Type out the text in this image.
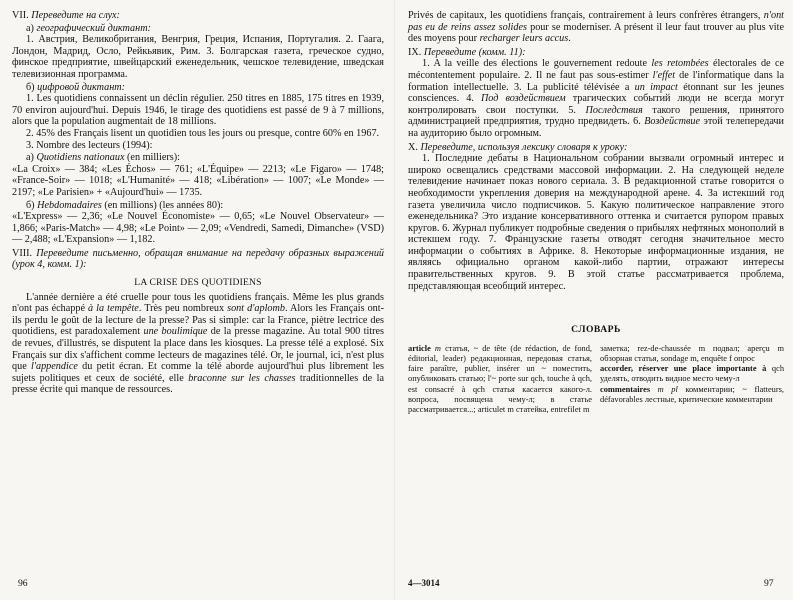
VII. Переведите на слух:

а) географический диктант:

1. Австрия, Великобритания, Венгрия, Греция, Испания, Португалия. 2. Гаага, Лондон, Мадрид, Осло, Рейкьявик, Рим. 3. Болгарская газета, греческое судно, финское предприятие, швейцарский еженедельник, чешское телевидение, шведская телевизионная программа.

б) цифровой диктант:

1. Les quotidiens connaissent un déclin régulier. 250 titres en 1885, 175 titres en 1939, 70 environ aujourd'hui. Depuis 1946, le tirage des quotidiens est passé de 9 à 7 millions, alors que la population augmentait de 18 millions.

2. 45% des Français lisent un quotidien tous les jours ou presque, contre 60% en 1967.

3. Nombre des lecteurs (1994):

a) Quotidiens nationaux (en milliers):

«La Croix» — 384; «Les Échos» — 761; «L'Équipe» — 2213; «Le Figaro» — 1748; «France-Soir» — 1018; «L'Humanité» — 418; «Libération» — 1007; «Le Monde» — 2197; «Le Parisien» + «Aujourd'hui» — 1735.

б) Hebdomadaires (en millions) (les années 80):

«L'Express» — 2,36; «Le Nouvel Économiste» — 0,65; «Le Nouvel Observateur» — 1,866; «Paris-Match» — 4,98; «Le Point» — 2,09; «Vendredi, Samedi, Dimanche» (VSD) — 2,488; «L'Expansion» — 1,182.

VIII. Переведите письменно, обращая внимание на передачу образных выражений (урок 4, комм. 1):

LA CRISE DES QUOTIDIENS

L'année dernière a été cruelle pour tous les quotidiens français. Même les plus grands n'ont pas échappé à la tempête. Très peu nombreux sont d'aplomb. Alors les Français ont-ils perdu le goût de la lecture de la presse? Pas si simple: car la France, piètre lectrice des quotidiens, est paradoxalement une boulimique de la presse magazine. Au total 900 titres de revues, d'illustrés, se disputent la place dans les kiosques. La presse télé a explosé. Six Français sur dix s'affichent comme lecteurs de magazines télé. Or, le journal, ici, n'est plus que l'appendice du petit écran. Et comme la télé aborde aujourd'hui plus librement les sujets politiques et ceux de société, elle braconne sur les chasses traditionnelles de la presse écrite qui manque de ressources.

Privés de capitaux, les quotidiens français, contrairement à leurs confrères étrangers, n'ont pas eu de reins assez solides pour se moderniser. A présent il leur faut trouver au plus vite des moyens pour recharger leurs accus.

IX. Переведите (комм. 11):

1. A la veille des élections le gouvernement redoute les retombées électorales de ce mécontentement populaire. 2. Il ne faut pas sous-estimer l'effet de l'informatique dans la formation intellectuelle. 3. La publicité télévisée a un impact étonnant sur les jeunes consciences. 4. Под воздействием трагических событий люди не всегда могут контролировать свои поступки. 5. Последствия такого решения, принятого администрацией предприятия, трудно предвидеть. 6. Воздействие этой телепередачи на аудиторию было огромным.

X. Переведите, используя лексику словаря к уроку:

1. Последние дебаты в Национальном собрании вызвали огромный интерес и широко освещались средствами массовой информации. 2. На следующей неделе телевидение начинает показ нового сериала. 3. В редакционной статье говорится о необходимости укрепления доверия на международной арене. 4. За истекший год газета увеличила число подписчиков. 5. Какую политическое направление этого еженедельника? Это издание консервативного оттенка и считается рупором правых кругов. 6. Журнал публикует подробные сведения о прибылях нефтяных монополий в истекшем году. 7. Французские газеты отводят сегодня значительное место информации о событиях в Африке. 8. Некоторые информационные издания, не являясь официально органом какой-либо партии, отражают интересы правительственных кругов. 9. В этой статье рассматривается проблема, представляющая всеобщий интерес.

СЛОВАРЬ

article m статья, ~ de tête (de rédaction, de fond, éditorial, leader) редакционная, передовая статья, faire paraître, publier, insérer un ~ поместить, опубликовать статью; l'~ porte sur qch, touche à qch, est consacré à qch статья касается какого-л. вопроса, посвящена чему-л; в статье рассматривается...; articulet m статейка, entrefilet m

заметка; rez-de-chaussée m подвал; aperçu m обзорная статья, sondage m, enquête f опрос

accorder, réserver une place importante à qch уделять, отводить видное место чему-л

commentaires m pl комментарии; ~ flatteurs, défavorables лестные, критические комментарии

96	4—3014	97
